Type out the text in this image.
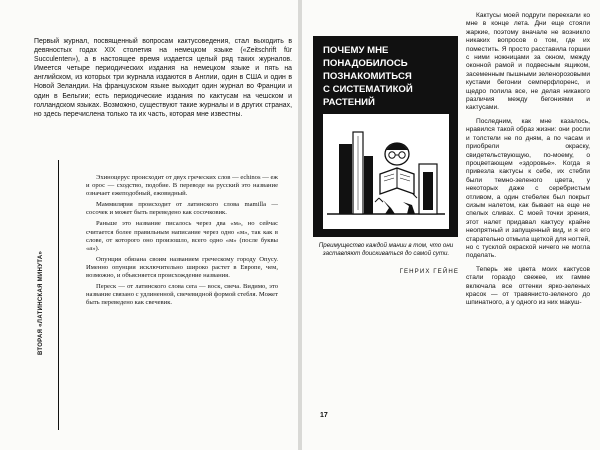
Первый журнал, посвященный вопросам кактусоведения, стал выходить в девяностых годах XIX столетия на немецком языке («Zeitschrift für Succulenten»), а в настоящее время издается целый ряд таких журналов. Имеется четыре периодических издания на немецком языке и пять на английском, из которых три журнала издаются в Англии, один в США и один в Новой Зеландии. На французском языке выходит один журнал во Франции и один в Бельгии; есть периодические издания по кактусам на чешском и голландском языках. Возможно, существуют такие журналы и в других странах, но здесь перечислена только та их часть, которая мне известны.

ВТОРАЯ «ЛАТИНСКАЯ МИНУТА»

Эхиноцерус происходит от двух греческих слов — echinos — еж и орос — сходство, подобие. В переводе на русский это название означает ежеподобный, ежовидный.

Маммилярия происходит от латинского слова mamilla — сосочек и может быть переведено как сосочковик.

Раньше это название писалось через два «м», но сейчас считается более правильным написание через одно «м», так как в слове, от которого оно произошло, всего одно «м» (после буквы «а»).

Опунция обязана своим названием греческому городу Опусу. Именно опунция исключительно широко растет в Европе, чем, возможно, и объясняется происхождение названия.

Переск — от латинского слова cera — воск, свеча. Видимо, это название связано с удлиненной, свечевидной формой стебля. Может быть переведено как свечевик.

ПОЧЕМУ МНЕ
ПОНАДОБИЛОСЬ
ПОЗНАКОМИТЬСЯ
С СИСТЕМАТИКОЙ
РАСТЕНИЙ
Преимущество каждой мании в том, что они заставляют доискиваться до самой сути.
ГЕНРИХ ГЕЙНЕ

Кактусы моей подруги переехали ко мне в конце лета. Дни еще стояли жаркие, поэтому вначале не возникло никаких вопросов о том, где их поместить. Я просто расставила горшки с ними ножницами за окном, между оконной рамой и подвесным ящиком, засеменным пышными зеленорозовыми кустами бегонии семперфлоренс, и щедро полила все, не делая никакого различия между бегониями и кактусами.

Последним, как мне казалось, нравился такой образ жизни: они росли и толстели не по дням, а по часам и приобрели окраску, свидетельствующую, по-моему, о процветающем «здоровье». Когда я привезла кактусы к себе, их стебли были темно-зеленого цвета, у некоторых даже с серебристым отливом, а один стебелек был покрыт сизым налетом, как бывает на еще не спелых сливах. С моей точки зрения, этот налет придавал кактусу крайне неопрятный и запущенный вид, и я его старательно отмыла щеткой для ногтей, но с тусклой окраской ничего не могла поделать.

Теперь же цвета моих кактусов стали гораздо свежее, их гамме включала все оттенки ярко-зеленых красок — от травянисто-зеленого до шпинатного, а у одного из них макуш-

17
